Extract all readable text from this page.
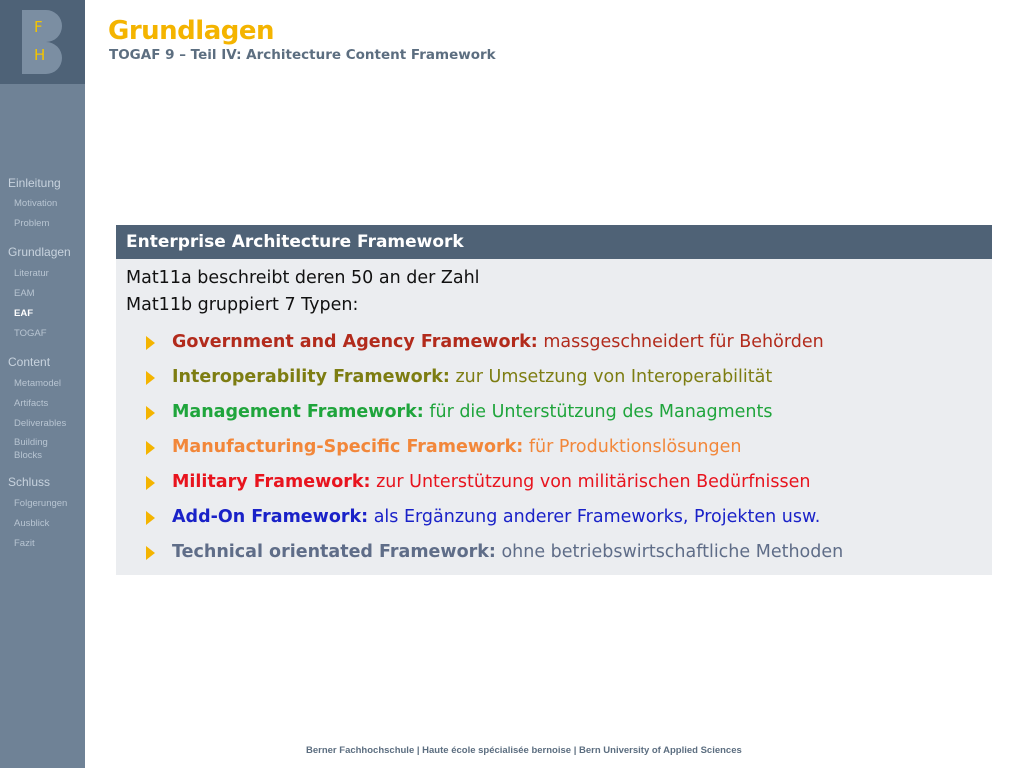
F
H
Einleitung
Motivation
Problem
Grundlagen
Literatur
EAM
EAF
TOGAF
Content
Metamodel
Artifacts
Deliverables
Building Blocks
Schluss
Folgerungen
Ausblick
Fazit
Grundlagen
TOGAF 9 – Teil IV: Architecture Content Framework
Enterprise Architecture Framework
Mat11a beschreibt deren 50 an der Zahl
Mat11b gruppiert 7 Typen:
Government and Agency Framework: massgeschneidert für Behörden
Interoperability Framework: zur Umsetzung von Interoperabilität
Management Framework: für die Unterstützung des Managments
Manufacturing-Specific Framework: für Produktionslösungen
Military Framework: zur Unterstützung von militärischen Bedürfnissen
Add-On Framework: als Ergänzung anderer Frameworks, Projekten usw.
Technical orientated Framework: ohne betriebswirtschaftliche Methoden
Berner Fachhochschule | Haute école spécialisée bernoise | Bern University of Applied Sciences
